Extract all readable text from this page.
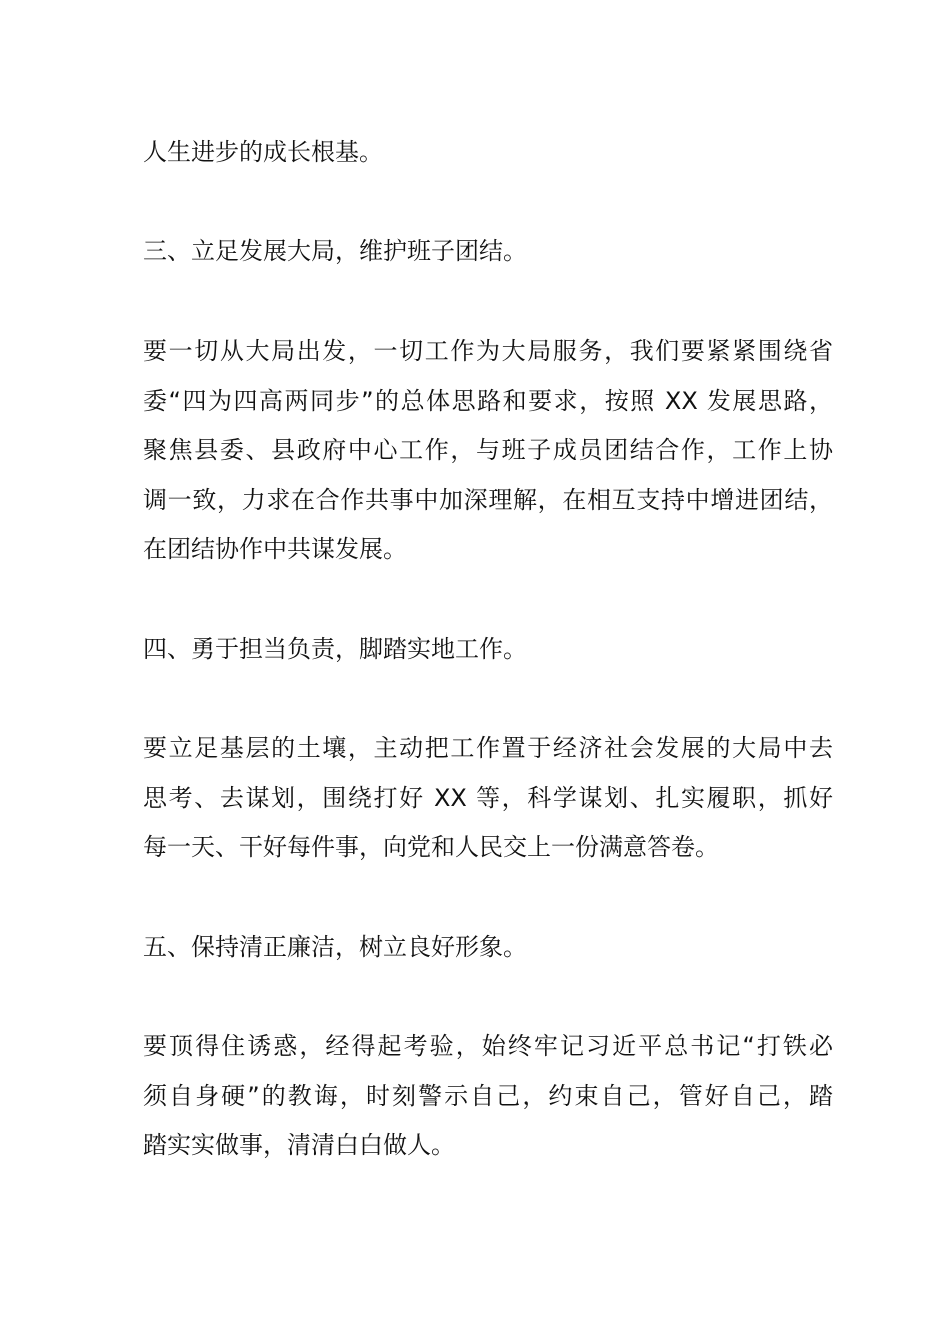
人生进步的成长根基。
三、立足发展大局，维护班子团结。
要一切从大局出发，一切工作为大局服务，我们要紧紧围绕省
委“四为四高两同步”的总体思路和要求，按照 XX 发展思路，
聚焦县委、县政府中心工作，与班子成员团结合作，工作上协
调一致，力求在合作共事中加深理解，在相互支持中增进团结，
在团结协作中共谋发展。
四、勇于担当负责，脚踏实地工作。
要立足基层的土壤，主动把工作置于经济社会发展的大局中去
思考、去谋划，围绕打好 XX 等，科学谋划、扎实履职，抓好
每一天、干好每件事，向党和人民交上一份满意答卷。
五、保持清正廉洁，树立良好形象。
要顶得住诱惑，经得起考验，始终牢记习近平总书记“打铁必
须自身硬”的教诲，时刻警示自己，约束自己，管好自己，踏
踏实实做事，清清白白做人。
